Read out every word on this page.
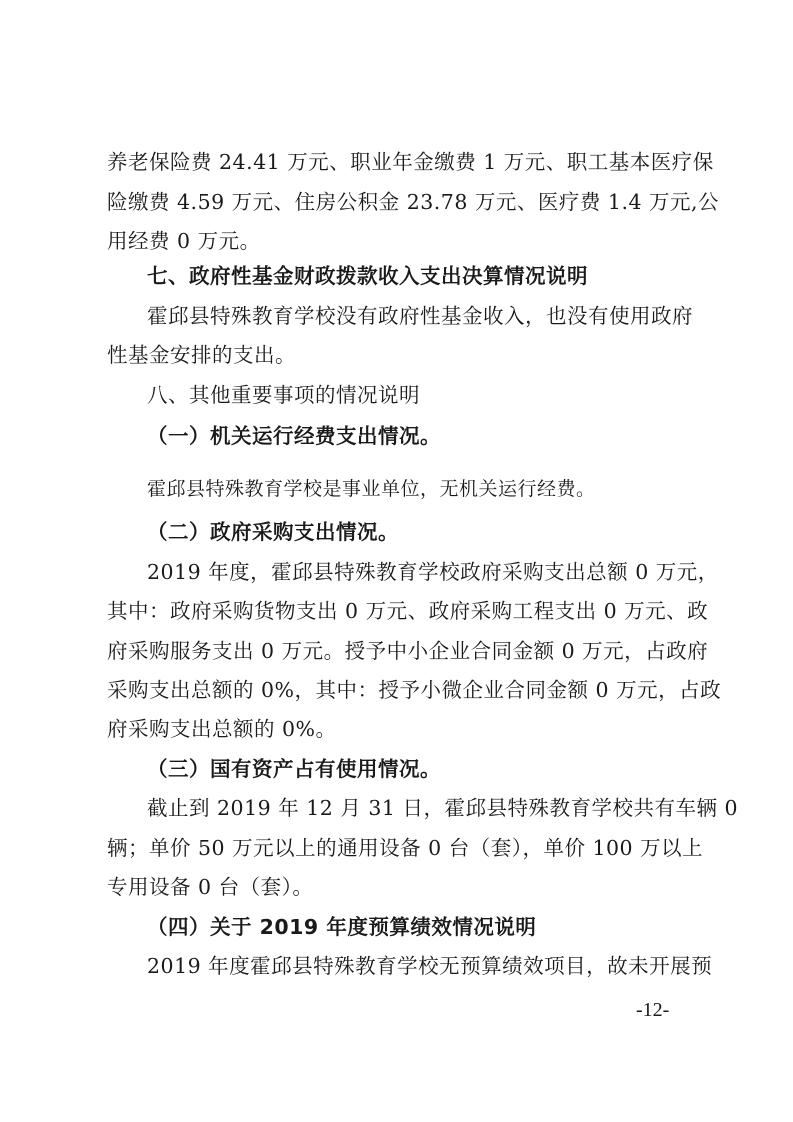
养老保险费 24.41 万元、职业年金缴费 1 万元、职工基本医疗保
险缴费 4.59 万元、住房公积金 23.78 万元、医疗费 1.4 万元,公
用经费 0 万元。
七、政府性基金财政拨款收入支出决算情况说明
霍邱县特殊教育学校没有政府性基金收入，也没有使用政府
性基金安排的支出。
八、其他重要事项的情况说明
（一）机关运行经费支出情况。
霍邱县特殊教育学校是事业单位，无机关运行经费。
（二）政府采购支出情况。
2019 年度，霍邱县特殊教育学校政府采购支出总额 0 万元，
其中：政府采购货物支出 0 万元、政府采购工程支出 0 万元、政
府采购服务支出 0 万元。授予中小企业合同金额 0 万元，占政府
采购支出总额的 0%，其中：授予小微企业合同金额 0 万元，占政
府采购支出总额的 0%。
（三）国有资产占有使用情况。
截止到 2019 年 12 月 31 日，霍邱县特殊教育学校共有车辆 0
辆；单价 50 万元以上的通用设备 0 台（套），单价 100 万以上
专用设备 0 台（套）。
（四）关于 2019 年度预算绩效情况说明
2019 年度霍邱县特殊教育学校无预算绩效项目，故未开展预
-12-
